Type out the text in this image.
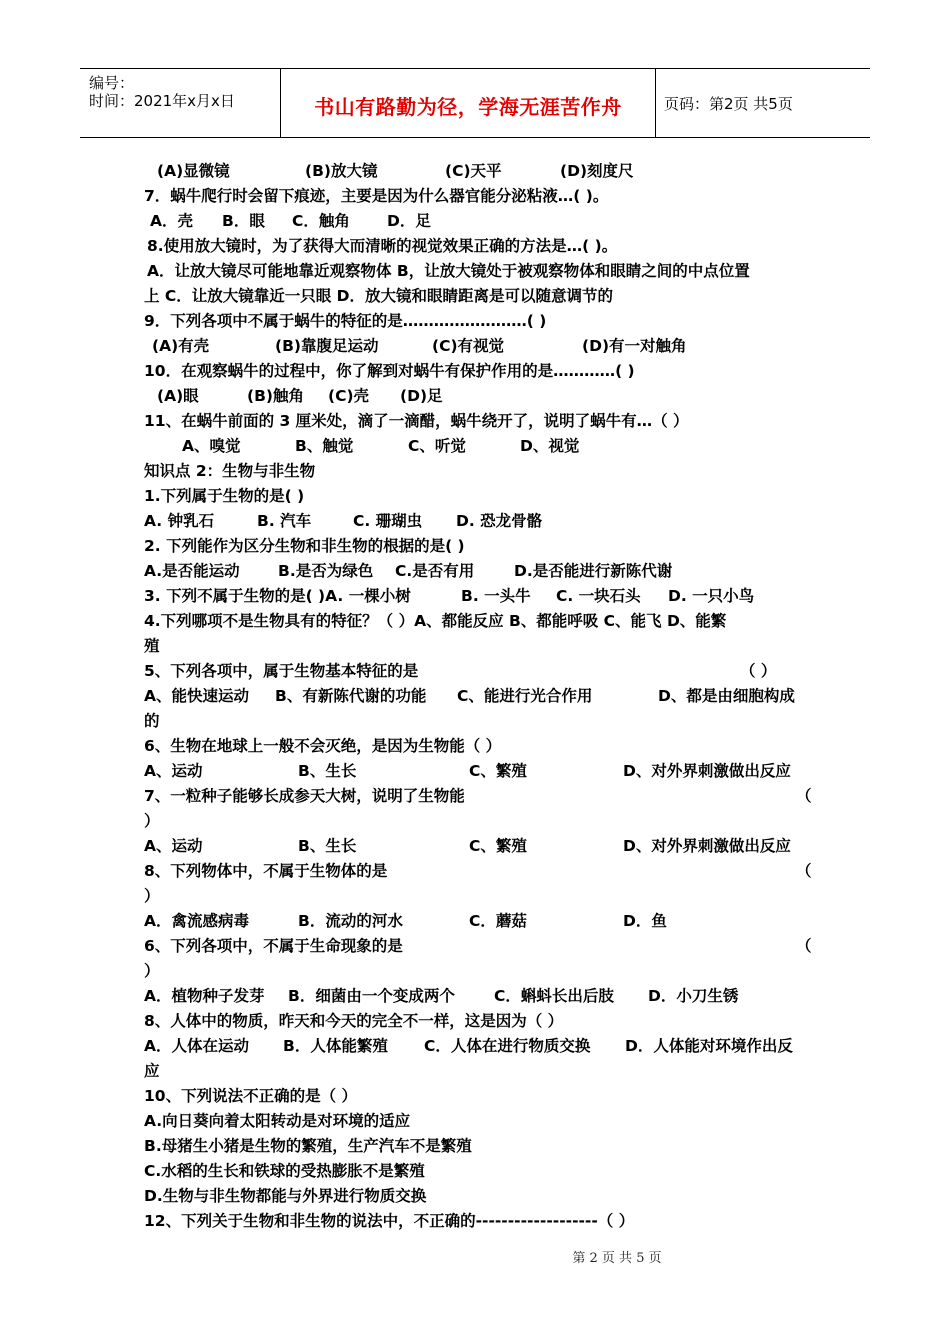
编号：
时间：2021年x月x日	书山有路勤为径，学海无涯苦作舟	页码：第2页 共5页
(A)显微镜	(B)放大镜	(C)天平	(D)刻度尺
7．蜗牛爬行时会留下痕迹，主要是因为什么器官能分泌粘液…( )。
A．壳 B．眼 C．触角 D．足
8.使用放大镜时，为了获得大而清晰的视觉效果正确的方法是…( )。
A．让放大镜尽可能地靠近观察物体 B，让放大镜处于被观察物体和眼睛之间的中点位置
上 C．让放大镜靠近一只眼 D．放大镜和眼睛距离是可以随意调节的
9．下列各项中不属于蜗牛的特征的是……………………( )
(A)有壳	(B)靠腹足运动	(C)有视觉	(D)有一对触角
10．在观察蜗牛的过程中，你了解到对蜗牛有保护作用的是…………( )
(A)眼	(B)触角 (C)壳 (D)足
11、在蜗牛前面的 3 厘米处，滴了一滴醋，蜗牛绕开了，说明了蜗牛有…（ ）
A、嗅觉	B、触觉	C、听觉	D、视觉
知识点 2：生物与非生物
1.下列属于生物的是( )
A. 钟乳石	B. 汽车	C. 珊瑚虫 D. 恐龙骨骼
2. 下列能作为区分生物和非生物的根据的是( )
A.是否能运动 B.是否为绿色 C.是否有用	D.是否能进行新陈代谢
3. 下列不属于生物的是( )A. 一棵小树	B. 一头牛 C. 一块石头 D. 一只小鸟
4.下列哪项不是生物具有的特征？（ ）A、都能反应 B、都能呼吸 C、能飞 D、能繁
殖
5、下列各项中，属于生物基本特征的是	（ ）
A、能快速运动 B、有新陈代谢的功能 C、能进行光合作用	D、都是由细胞构成
的
6、生物在地球上一般不会灭绝，是因为生物能（ ）
A、运动	B、生长	C、繁殖	D、对外界刺激做出反应
7、一粒种子能够长成参天大树，说明了生物能	（
）
A、运动	B、生长	C、繁殖	D、对外界刺激做出反应
8、下列物体中，不属于生物体的是	（
）
A．禽流感病毒	B．流动的河水	C．蘑菇	D．鱼
6、下列各项中，不属于生命现象的是	（
）
A．植物种子发芽 B．细菌由一个变成两个	C．蝌蚪长出后肢 D．小刀生锈
8、人体中的物质，昨天和今天的完全不一样，这是因为（ ）
A．人体在运动 B．人体能繁殖 C．人体在进行物质交换 D．人体能对环境作出反
应
10、下列说法不正确的是（ ）
A.向日葵向着太阳转动是对环境的适应
B.母猪生小猪是生物的繁殖，生产汽车不是繁殖
C.水稻的生长和铁球的受热膨胀不是繁殖
D.生物与非生物都能与外界进行物质交换
12、下列关于生物和非生物的说法中，不正确的-------------------（ ）
第 2 页 共 5 页
